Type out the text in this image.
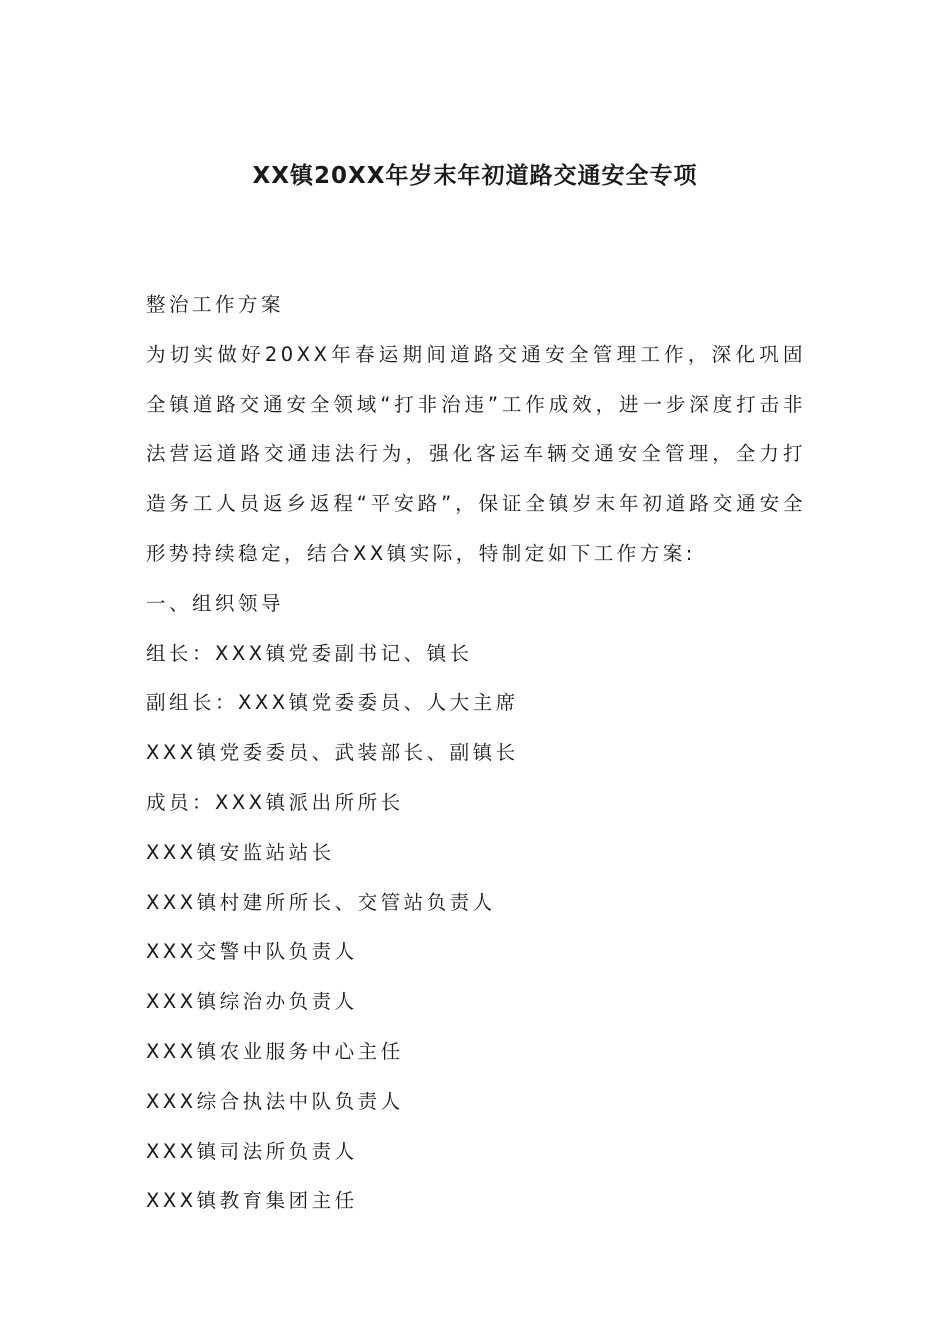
XX镇20XX年岁末年初道路交通安全专项

整治工作方案

为切实做好20XX年春运期间道路交通安全管理工作，深化巩固全镇道路交通安全领域“打非治违”工作成效，进一步深度打击非法营运道路交通违法行为，强化客运车辆交通安全管理，全力打造务工人员返乡返程“平安路”，保证全镇岁末年初道路交通安全形势持续稳定，结合XX镇实际，特制定如下工作方案:

一、组织领导

组长：XXX镇党委副书记、镇长

副组长：XXX镇党委委员、人大主席

XXX镇党委委员、武装部长、副镇长

成员：XXX镇派出所所长

XXX镇安监站站长

XXX镇村建所所长、交管站负责人

XXX交警中队负责人

XXX镇综治办负责人

XXX镇农业服务中心主任

XXX综合执法中队负责人

XXX镇司法所负责人

XXX镇教育集团主任
